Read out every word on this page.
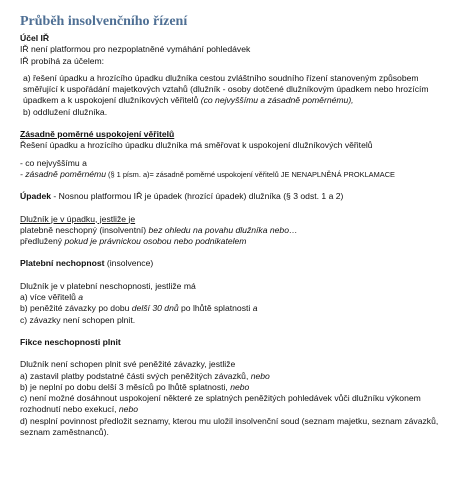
Průběh insolvenčního řízení

Účel IŘ

IŘ není platformou pro nezpoplatněné vymáhání pohledávek

IŘ probíhá za účelem:

a) řešení úpadku a hrozícího úpadku dlužníka cestou zvláštního soudního řízení stanoveným způsobem směřující k uspořádání majetkových vztahů (dlužník - osoby dotčené dlužníkovým úpadkem nebo hrozícím úpadkem a k uspokojení dlužníkových věřitelů (co nejvyššímu a zásadně poměrnému),

b) oddlužení dlužníka.

Zásadně poměrné uspokojení věřitelů

Řešení úpadku a hrozícího úpadku dlužníka má směřovat k uspokojení dlužníkových věřitelů

- co nejvyššímu a

- zásadně poměrnému (§ 1 písm. a)= zásadně poměrné uspokojení věřitelů JE NENAPLNĚNÁ PROKLAMACE

Úpadek - Nosnou platformou IŘ je úpadek (hrozící úpadek) dlužníka (§ 3 odst. 1 a 2)

Dlužník je v úpadku, jestliže je

platebně neschopný (insolventní) bez ohledu na povahu dlužníka nebo…

předlužený pokud je právnickou osobou nebo podnikatelem

Platební nechopnost (insolvence)

Dlužník je v platební neschopnosti, jestliže má

a) více věřitelů a

b) peněžité závazky po dobu delší 30 dnů po lhůtě splatnosti a

c) závazky není schopen plnit.

Fikce neschopnosti plnit

Dlužník není schopen plnit své peněžité závazky, jestliže

a) zastavil platby podstatné části svých peněžitých závazků, nebo

b) je neplní po dobu delší 3 měsíců po lhůtě splatnosti, nebo

c) není možné dosáhnout uspokojení některé ze splatných peněžitých pohledávek vůči dlužníku výkonem rozhodnutí nebo exekucí, nebo

d) nesplní povinnost předložit seznamy, kterou mu uložil insolvenční soud (seznam majetku, seznam závazků, seznam zaměstnanců).
